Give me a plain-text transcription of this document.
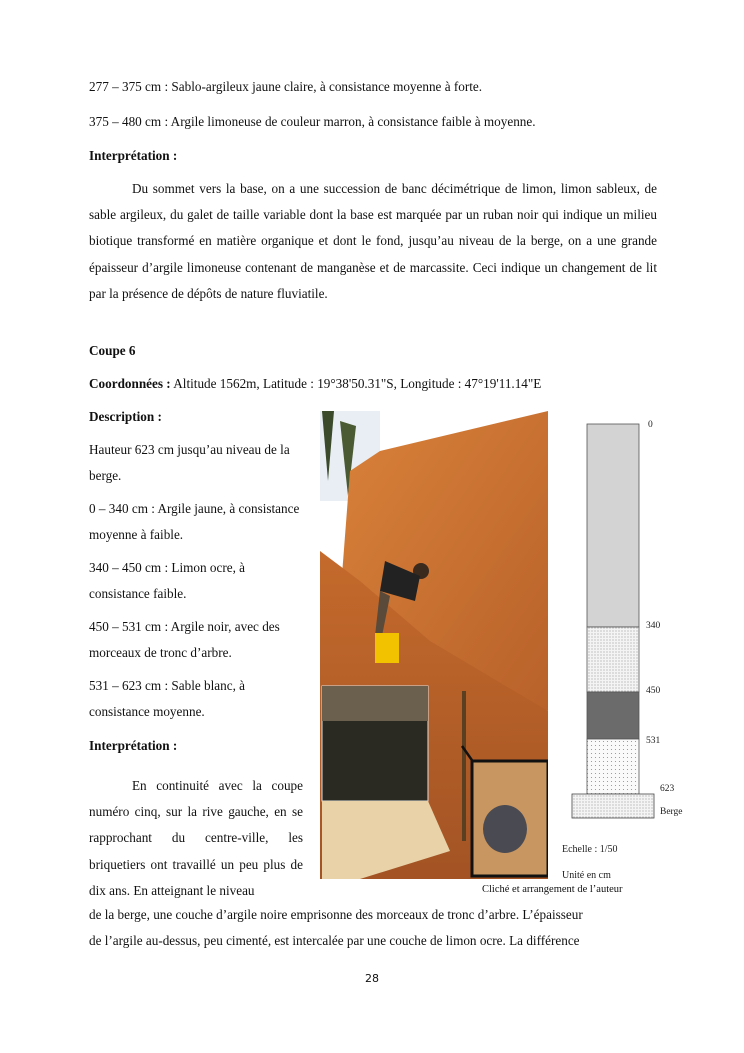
277 – 375 cm : Sablo-argileux jaune claire, à consistance moyenne à forte.
375 – 480 cm : Argile limoneuse de couleur marron, à consistance faible à moyenne.
Interprétation :
Du sommet vers la base, on a une succession de banc décimétrique de limon, limon sableux, de sable argileux, du galet de taille variable dont la base est marquée par un ruban noir qui indique un milieu biotique transformé en matière organique et dont le fond, jusqu’au niveau de la berge, on a une grande épaisseur d’argile limoneuse contenant de manganèse et de marcassite. Ceci indique un changement de lit par la présence de dépôts de nature fluviatile.
Coupe 6
Coordonnées : Altitude 1562m, Latitude : 19°38'50.31"S, Longitude : 47°19'11.14"E
Description :
Hauteur 623 cm jusqu’au niveau de la berge.
0 – 340 cm : Argile jaune, à consistance moyenne à faible.
340 – 450 cm : Limon ocre, à consistance faible.
450 – 531 cm : Argile noir, avec des morceaux de tronc d’arbre.
531 – 623 cm : Sable blanc, à consistance moyenne.
Interprétation :
En continuité avec la coupe numéro cinq, sur la rive gauche, en se rapprochant du centre-ville, les briquetiers ont travaillé un peu plus de dix ans. En atteignant le niveau
de la berge, une couche d’argile noire emprisonne des morceaux de tronc d’arbre. L’épaisseur
de l’argile au-dessus, peu cimenté, est intercalée par une couche de limon ocre. La différence
0
340
450
531
623
Berge
Echelle : 1/50
Unité en cm
Cliché et arrangement de l’auteur
28
